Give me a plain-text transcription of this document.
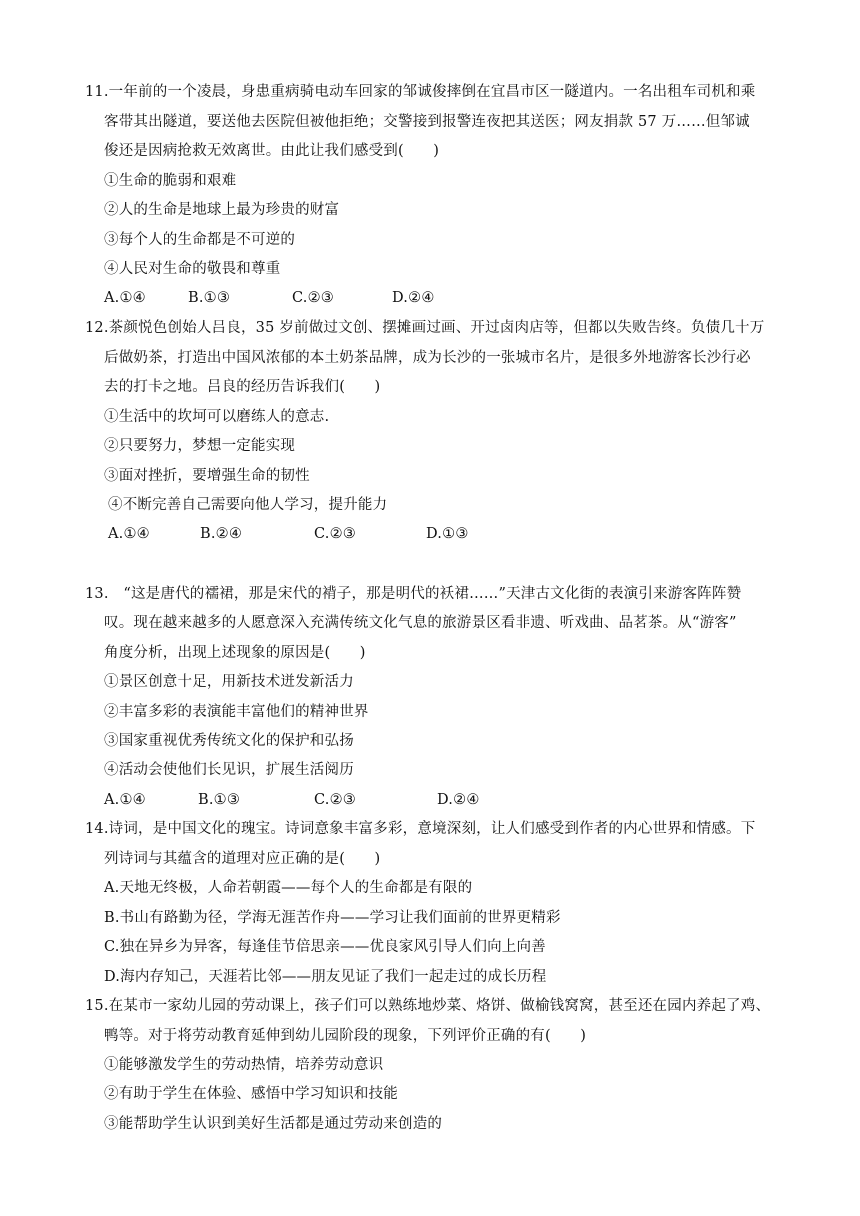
11.一年前的一个凌晨，身患重病骑电动车回家的邹诚俊摔倒在宜昌市区一隧道内。一名出租车司机和乘
客带其出隧道，要送他去医院但被他拒绝；交警接到报警连夜把其送医；网友捐款 57 万……但邹诚
俊还是因病抢救无效离世。由此让我们感受到(　　)
①生命的脆弱和艰难
②人的生命是地球上最为珍贵的财富
③每个人的生命都是不可逆的
④人民对生命的敬畏和尊重
A.①④	B.①③	C.②③	D.②④
12.茶颜悦色创始人吕良，35 岁前做过文创、摆摊画过画、开过卤肉店等，但都以失败告终。负债几十万
后做奶茶，打造出中国风浓郁的本土奶茶品牌，成为长沙的一张城市名片，是很多外地游客长沙行必
去的打卡之地。吕良的经历告诉我们(　　)
①生活中的坎坷可以磨练人的意志.
②只要努力，梦想一定能实现
③面对挫折，要增强生命的韧性
④不断完善自己需要向他人学习，提升能力
A.①④	B.②④	C.②③	D.①③
13.　“这是唐代的襦裙，那是宋代的褙子，那是明代的袄裙……”天津古文化街的表演引来游客阵阵赞
叹。现在越来越多的人愿意深入充满传统文化气息的旅游景区看非遗、听戏曲、品茗茶。从“游客”
角度分析，出现上述现象的原因是(　　)
①景区创意十足，用新技术迸发新活力
②丰富多彩的表演能丰富他们的精神世界
③国家重视优秀传统文化的保护和弘扬
④活动会使他们长见识，扩展生活阅历
A.①④	B.①③	C.②③	D.②④
14.诗词，是中国文化的瑰宝。诗词意象丰富多彩，意境深刻，让人们感受到作者的内心世界和情感。下
列诗词与其蕴含的道理对应正确的是(　　)
A.天地无终极，人命若朝霞——每个人的生命都是有限的
B.书山有路勤为径，学海无涯苦作舟——学习让我们面前的世界更精彩
C.独在异乡为异客，每逢佳节倍思亲——优良家风引导人们向上向善
D.海内存知己，天涯若比邻——朋友见证了我们一起走过的成长历程
15.在某市一家幼儿园的劳动课上，孩子们可以熟练地炒菜、烙饼、做榆钱窝窝，甚至还在园内养起了鸡、
鸭等。对于将劳动教育延伸到幼儿园阶段的现象，下列评价正确的有(　　)
①能够激发学生的劳动热情，培养劳动意识
②有助于学生在体验、感悟中学习知识和技能
③能帮助学生认识到美好生活都是通过劳动来创造的
